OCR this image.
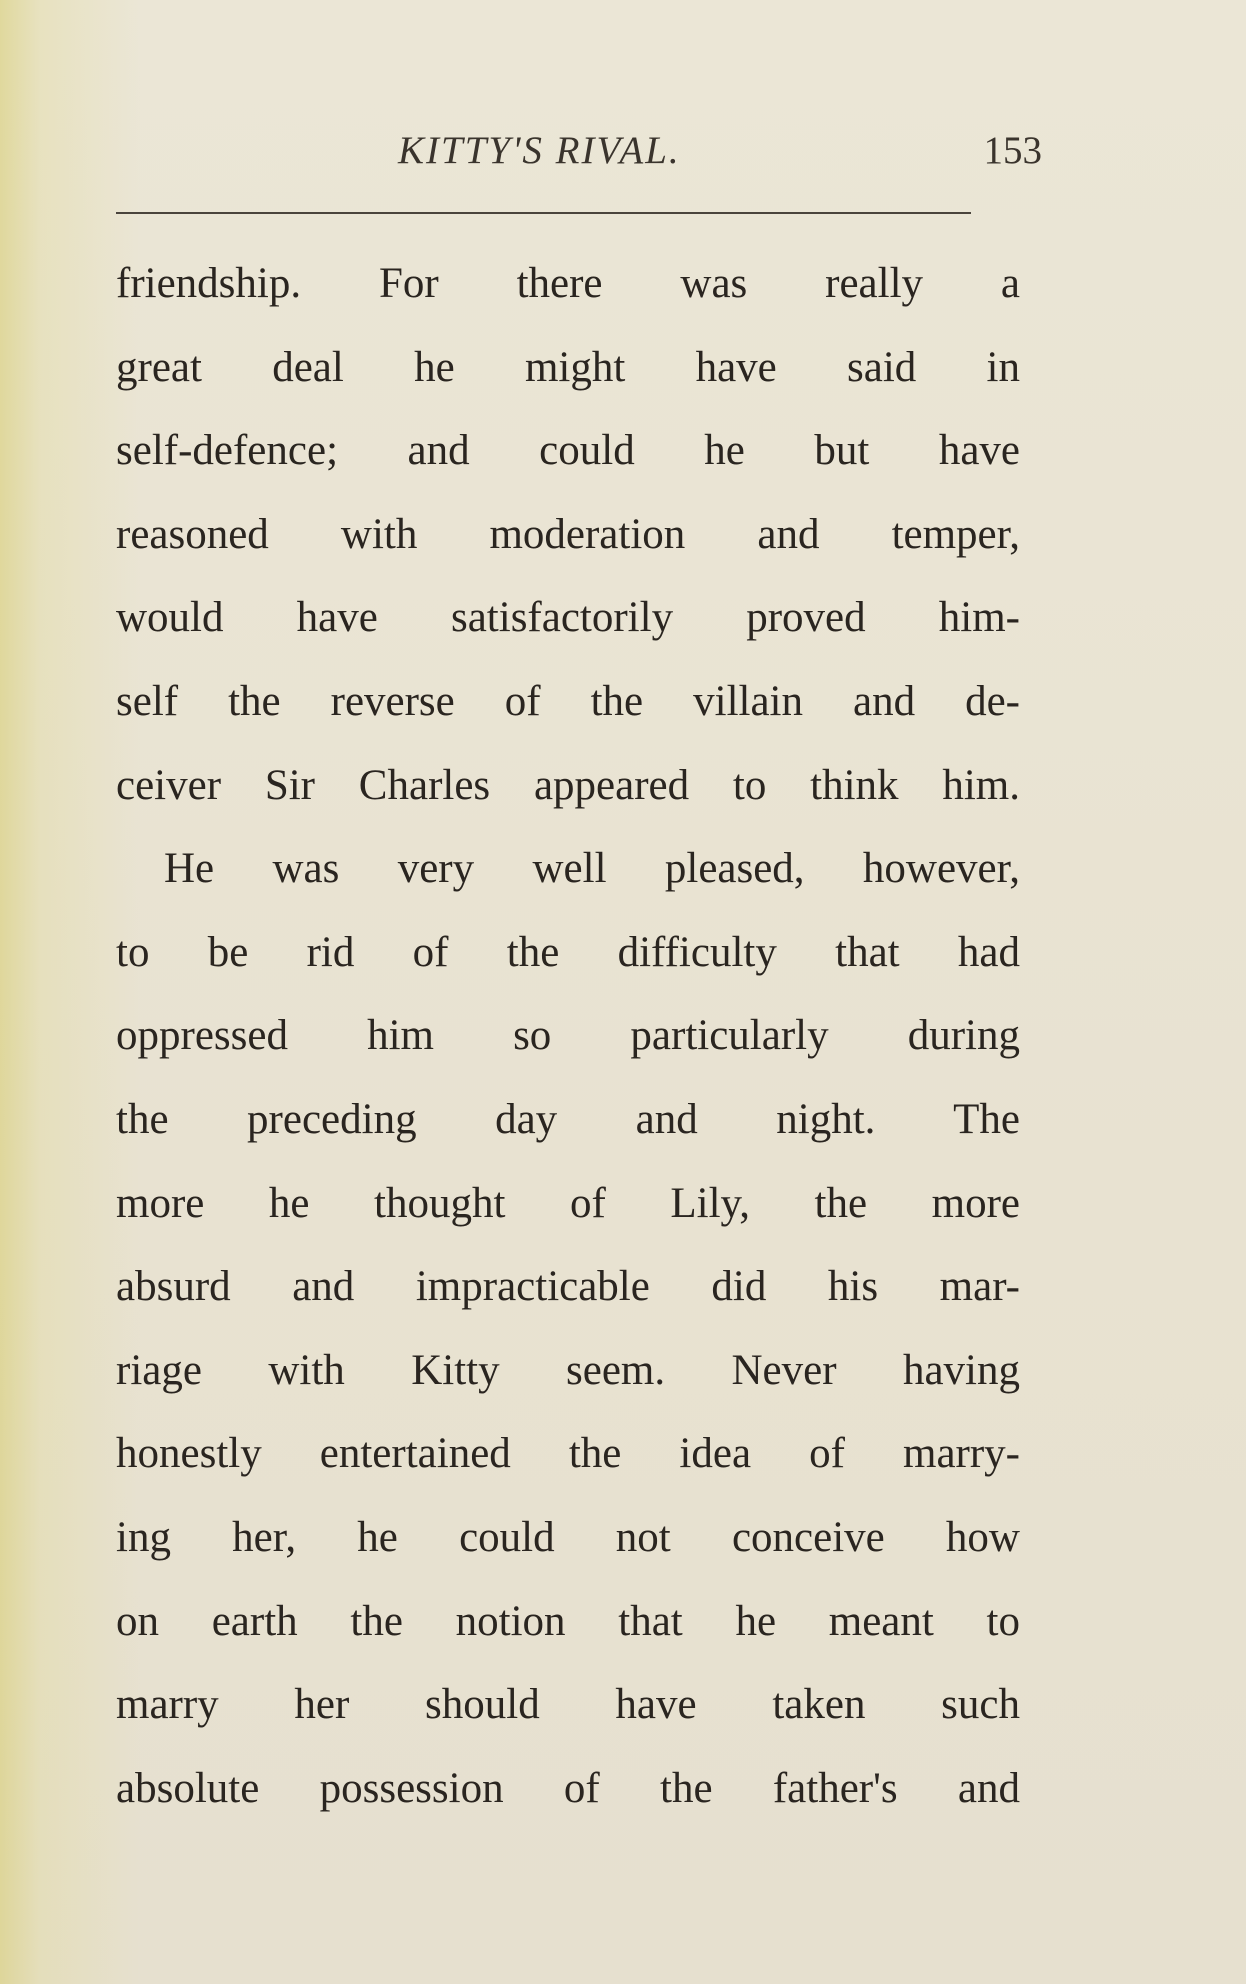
KITTY'S RIVAL.	153
friendship. For there was really a
great deal he might have said in
self-defence; and could he but have
reasoned with moderation and temper,
would have satisfactorily proved him-
self the reverse of the villain and de-
ceiver Sir Charles appeared to think him.
He was very well pleased, however,
to be rid of the difficulty that had
oppressed him so particularly during
the preceding day and night. The
more he thought of Lily, the more
absurd and impracticable did his mar-
riage with Kitty seem. Never having
honestly entertained the idea of marry-
ing her, he could not conceive how
on earth the notion that he meant to
marry her should have taken such
absolute possession of the father's and
